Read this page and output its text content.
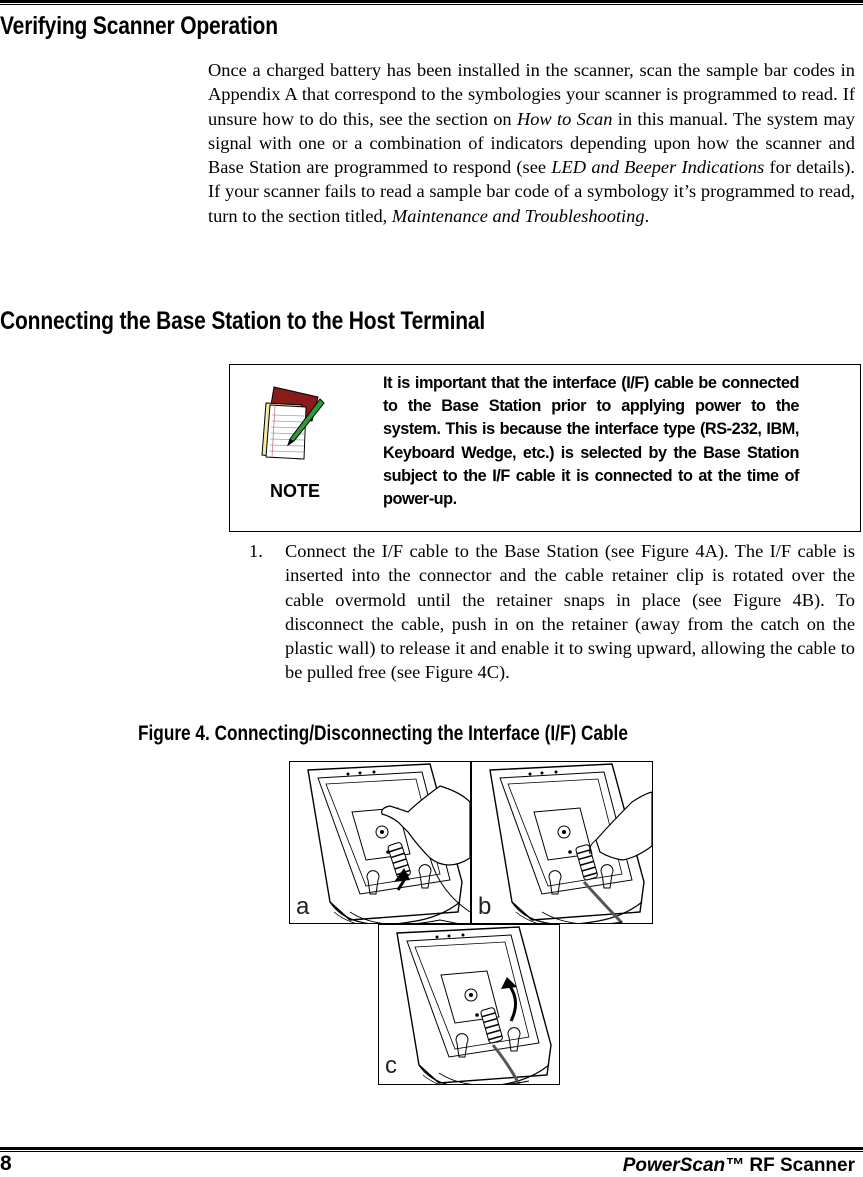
Verifying Scanner Operation
Once a charged battery has been installed in the scanner, scan the sample bar codes in Appendix A that correspond to the symbologies your scanner is programmed to read. If unsure how to do this, see the section on How to Scan in this manual. The system may signal with one or a combination of indicators depending upon how the scanner and Base Station are programmed to respond (see LED and Beeper Indications for details). If your scanner fails to read a sample bar code of a symbology it’s programmed to read, turn to the section titled, Maintenance and Troubleshooting.
Connecting the Base Station to the Host Terminal
NOTE
It is important that the interface (I/F) cable be connected to the Base Station prior to applying power to the system. This is because the interface type (RS-232, IBM, Keyboard Wedge, etc.) is selected by the Base Station subject to the I/F cable it is connected to at the time of power-up.
1.	Connect the I/F cable to the Base Station (see Figure 4A). The I/F cable is inserted into the connector and the cable retainer clip is rotated over the cable overmold until the retainer snaps in place (see Figure 4B). To disconnect the cable, push in on the retainer (away from the catch on the plastic wall) to release it and enable it to swing upward, allowing the cable to be pulled free (see Figure 4C).
Figure 4. Connecting/Disconnecting the Interface (I/F) Cable
a	b
c
8	PowerScan™ RF Scanner
